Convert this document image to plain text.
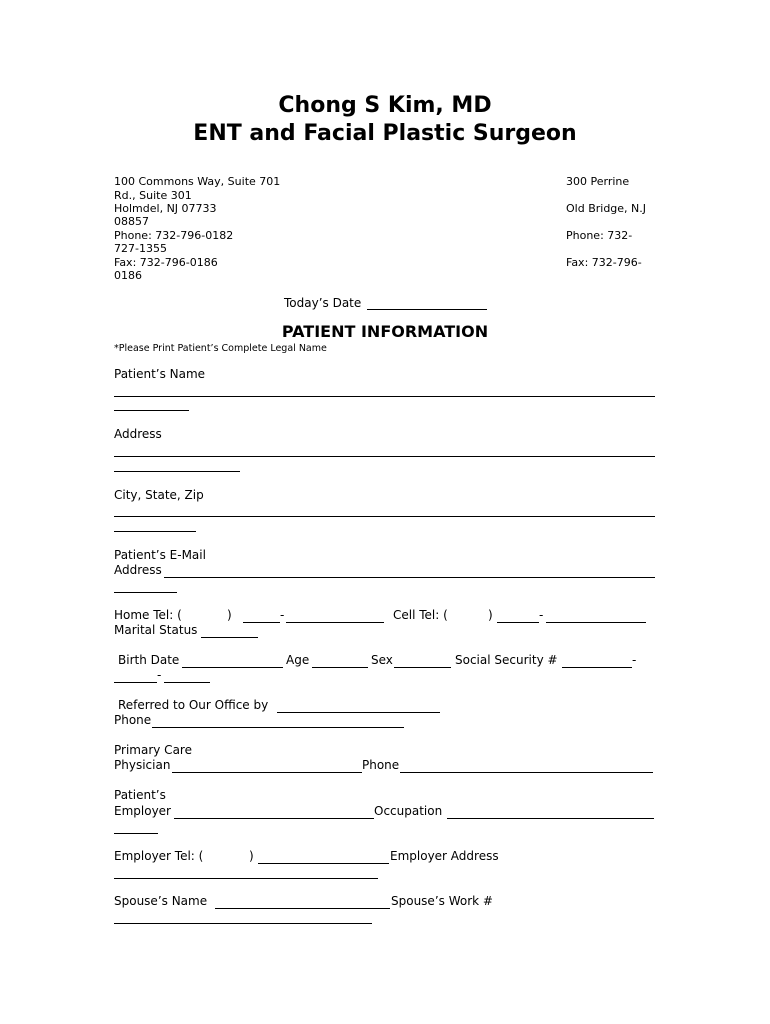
Chong S Kim, MD
ENT and Facial Plastic Surgeon
100 Commons Way, Suite 701
Rd., Suite 301
Holmdel, NJ 07733
08857
Phone: 732-796-0182
727-1355
Fax: 732-796-0186
0186
300 Perrine
Old Bridge, N.J
Phone: 732-
Fax: 732-796-
Today’s Date
PATIENT INFORMATION
*Please Print Patient’s Complete Legal Name
Patient’s Name
Address
City, State, Zip
Patient’s E-Mail
Address
Home Tel: (	)	-	Cell Tel: (	)	-
Marital Status
Birth Date	Age	Sex	Social Security #	-
-
Referred to Our Office by
Phone
Primary Care
Physician	Phone
Patient’s
Employer	Occupation
Employer Tel: (	)	Employer Address
Spouse’s Name	Spouse’s Work #
